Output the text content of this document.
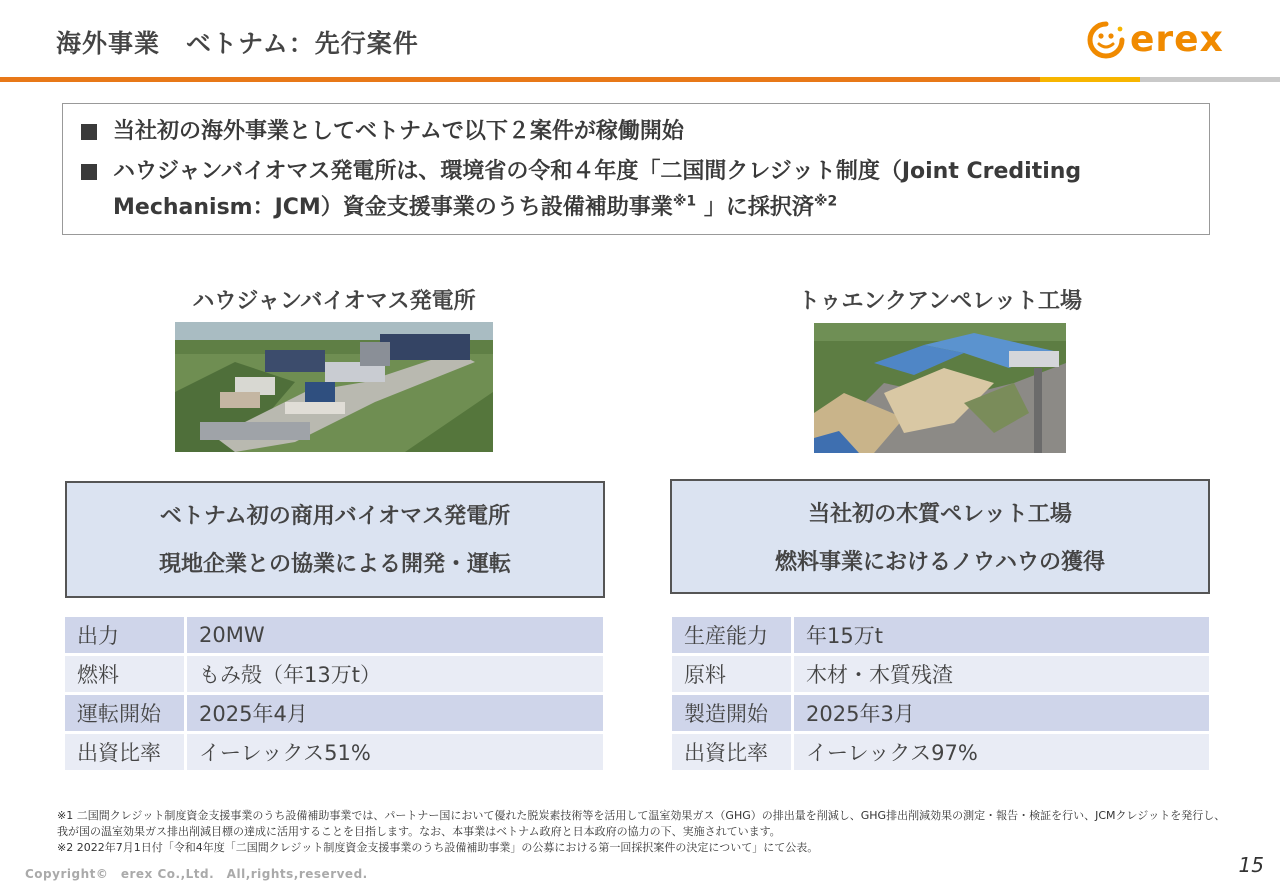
海外事業　ベトナム：先行案件	erex
当社初の海外事業としてベトナムで以下２案件が稼働開始
ハウジャンバイオマス発電所は、環境省の令和４年度「二国間クレジット制度（Joint Crediting Mechanism：JCM）資金支援事業のうち設備補助事業$^{※1}$ 」に採択済$^{※2}$
ハウジャンバイオマス発電所
ベトナム初の商用バイオマス発電所
現地企業との協業による開発・運転
出力	20MW
燃料	もみ殻（年13万t）
運転開始	2025年4月
出資比率	イーレックス51%
トゥエンクアンペレット工場
当社初の木質ペレット工場
燃料事業におけるノウハウの獲得
生産能力	年15万t
原料	木材・木質残渣
製造開始	2025年3月
出資比率	イーレックス97%
※1 二国間クレジット制度資金支援事業のうち設備補助事業では、パートナー国において優れた脱炭素技術等を活用して温室効果ガス（GHG）の排出量を削減し、GHG排出削減効果の測定・報告・検証を行い、JCMクレジットを発行し、我が国の温室効果ガス排出削減目標の達成に活用することを目指します。なお、本事業はベトナム政府と日本政府の協力の下、実施されています。
※2 2022年7月1日付「令和4年度「二国間クレジット制度資金支援事業のうち設備補助事業」の公募における第一回採択案件の決定について」にて公表。
Copyright©　erex Co.,Ltd.　All,rights,reserved.	15
